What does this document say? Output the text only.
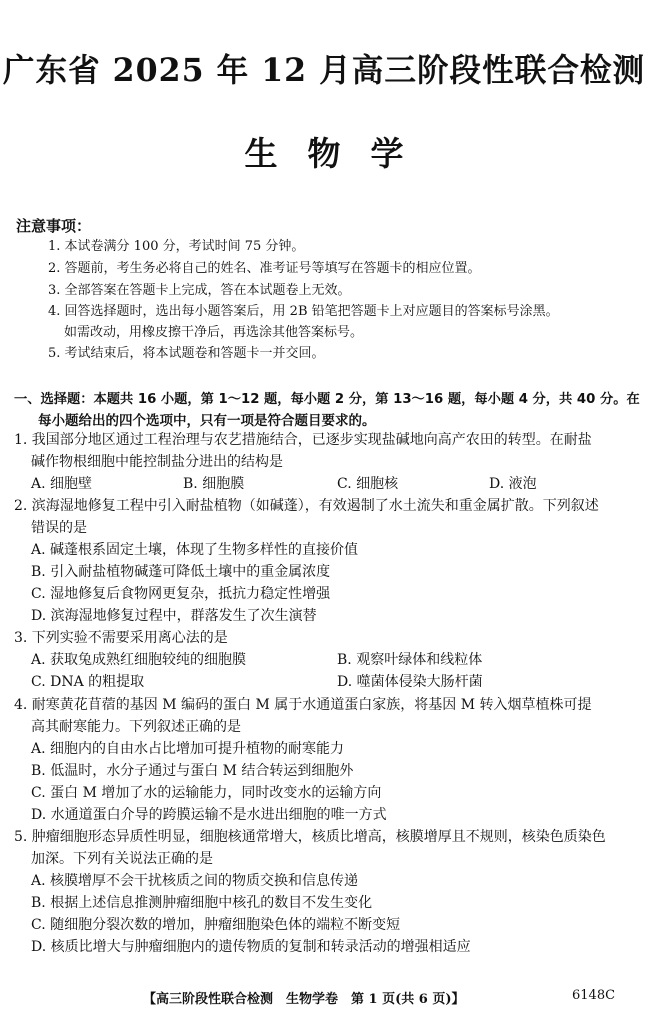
广东省 2025 年 12 月高三阶段性联合检测
生物学
注意事项：
1. 本试卷满分 100 分，考试时间 75 分钟。
2. 答题前，考生务必将自己的姓名、准考证号等填写在答题卡的相应位置。
3. 全部答案在答题卡上完成，答在本试题卷上无效。
4. 回答选择题时，选出每小题答案后，用 2B 铅笔把答题卡上对应题目的答案标号涂黑。
如需改动，用橡皮擦干净后，再选涂其他答案标号。
5. 考试结束后，将本试题卷和答题卡一并交回。
一、选择题：本题共 16 小题，第 1～12 题，每小题 2 分，第 13～16 题，每小题 4 分，共 40 分。在
每小题给出的四个选项中，只有一项是符合题目要求的。
1. 我国部分地区通过工程治理与农艺措施结合，已逐步实现盐碱地向高产农田的转型。在耐盐
碱作物根细胞中能控制盐分进出的结构是
A. 细胞壁	B. 细胞膜	C. 细胞核	D. 液泡
2. 滨海湿地修复工程中引入耐盐植物（如碱蓬），有效遏制了水土流失和重金属扩散。下列叙述
错误的是
A. 碱蓬根系固定土壤，体现了生物多样性的直接价值
B. 引入耐盐植物碱蓬可降低土壤中的重金属浓度
C. 湿地修复后食物网更复杂，抵抗力稳定性增强
D. 滨海湿地修复过程中，群落发生了次生演替
3. 下列实验不需要采用离心法的是
A. 获取兔成熟红细胞较纯的细胞膜	B. 观察叶绿体和线粒体
C. DNA 的粗提取	D. 噬菌体侵染大肠杆菌
4. 耐寒黄花苜蓿的基因 M 编码的蛋白 M 属于水通道蛋白家族，将基因 M 转入烟草植株可提
高其耐寒能力。下列叙述正确的是
A. 细胞内的自由水占比增加可提升植物的耐寒能力
B. 低温时，水分子通过与蛋白 M 结合转运到细胞外
C. 蛋白 M 增加了水的运输能力，同时改变水的运输方向
D. 水通道蛋白介导的跨膜运输不是水进出细胞的唯一方式
5. 肿瘤细胞形态异质性明显，细胞核通常增大，核质比增高，核膜增厚且不规则，核染色质染色
加深。下列有关说法正确的是
A. 核膜增厚不会干扰核质之间的物质交换和信息传递
B. 根据上述信息推测肿瘤细胞中核孔的数目不发生变化
C. 随细胞分裂次数的增加，肿瘤细胞染色体的端粒不断变短
D. 核质比增大与肿瘤细胞内的遗传物质的复制和转录活动的增强相适应
【高三阶段性联合检测　生物学卷　第 1 页(共 6 页)】	6148C
